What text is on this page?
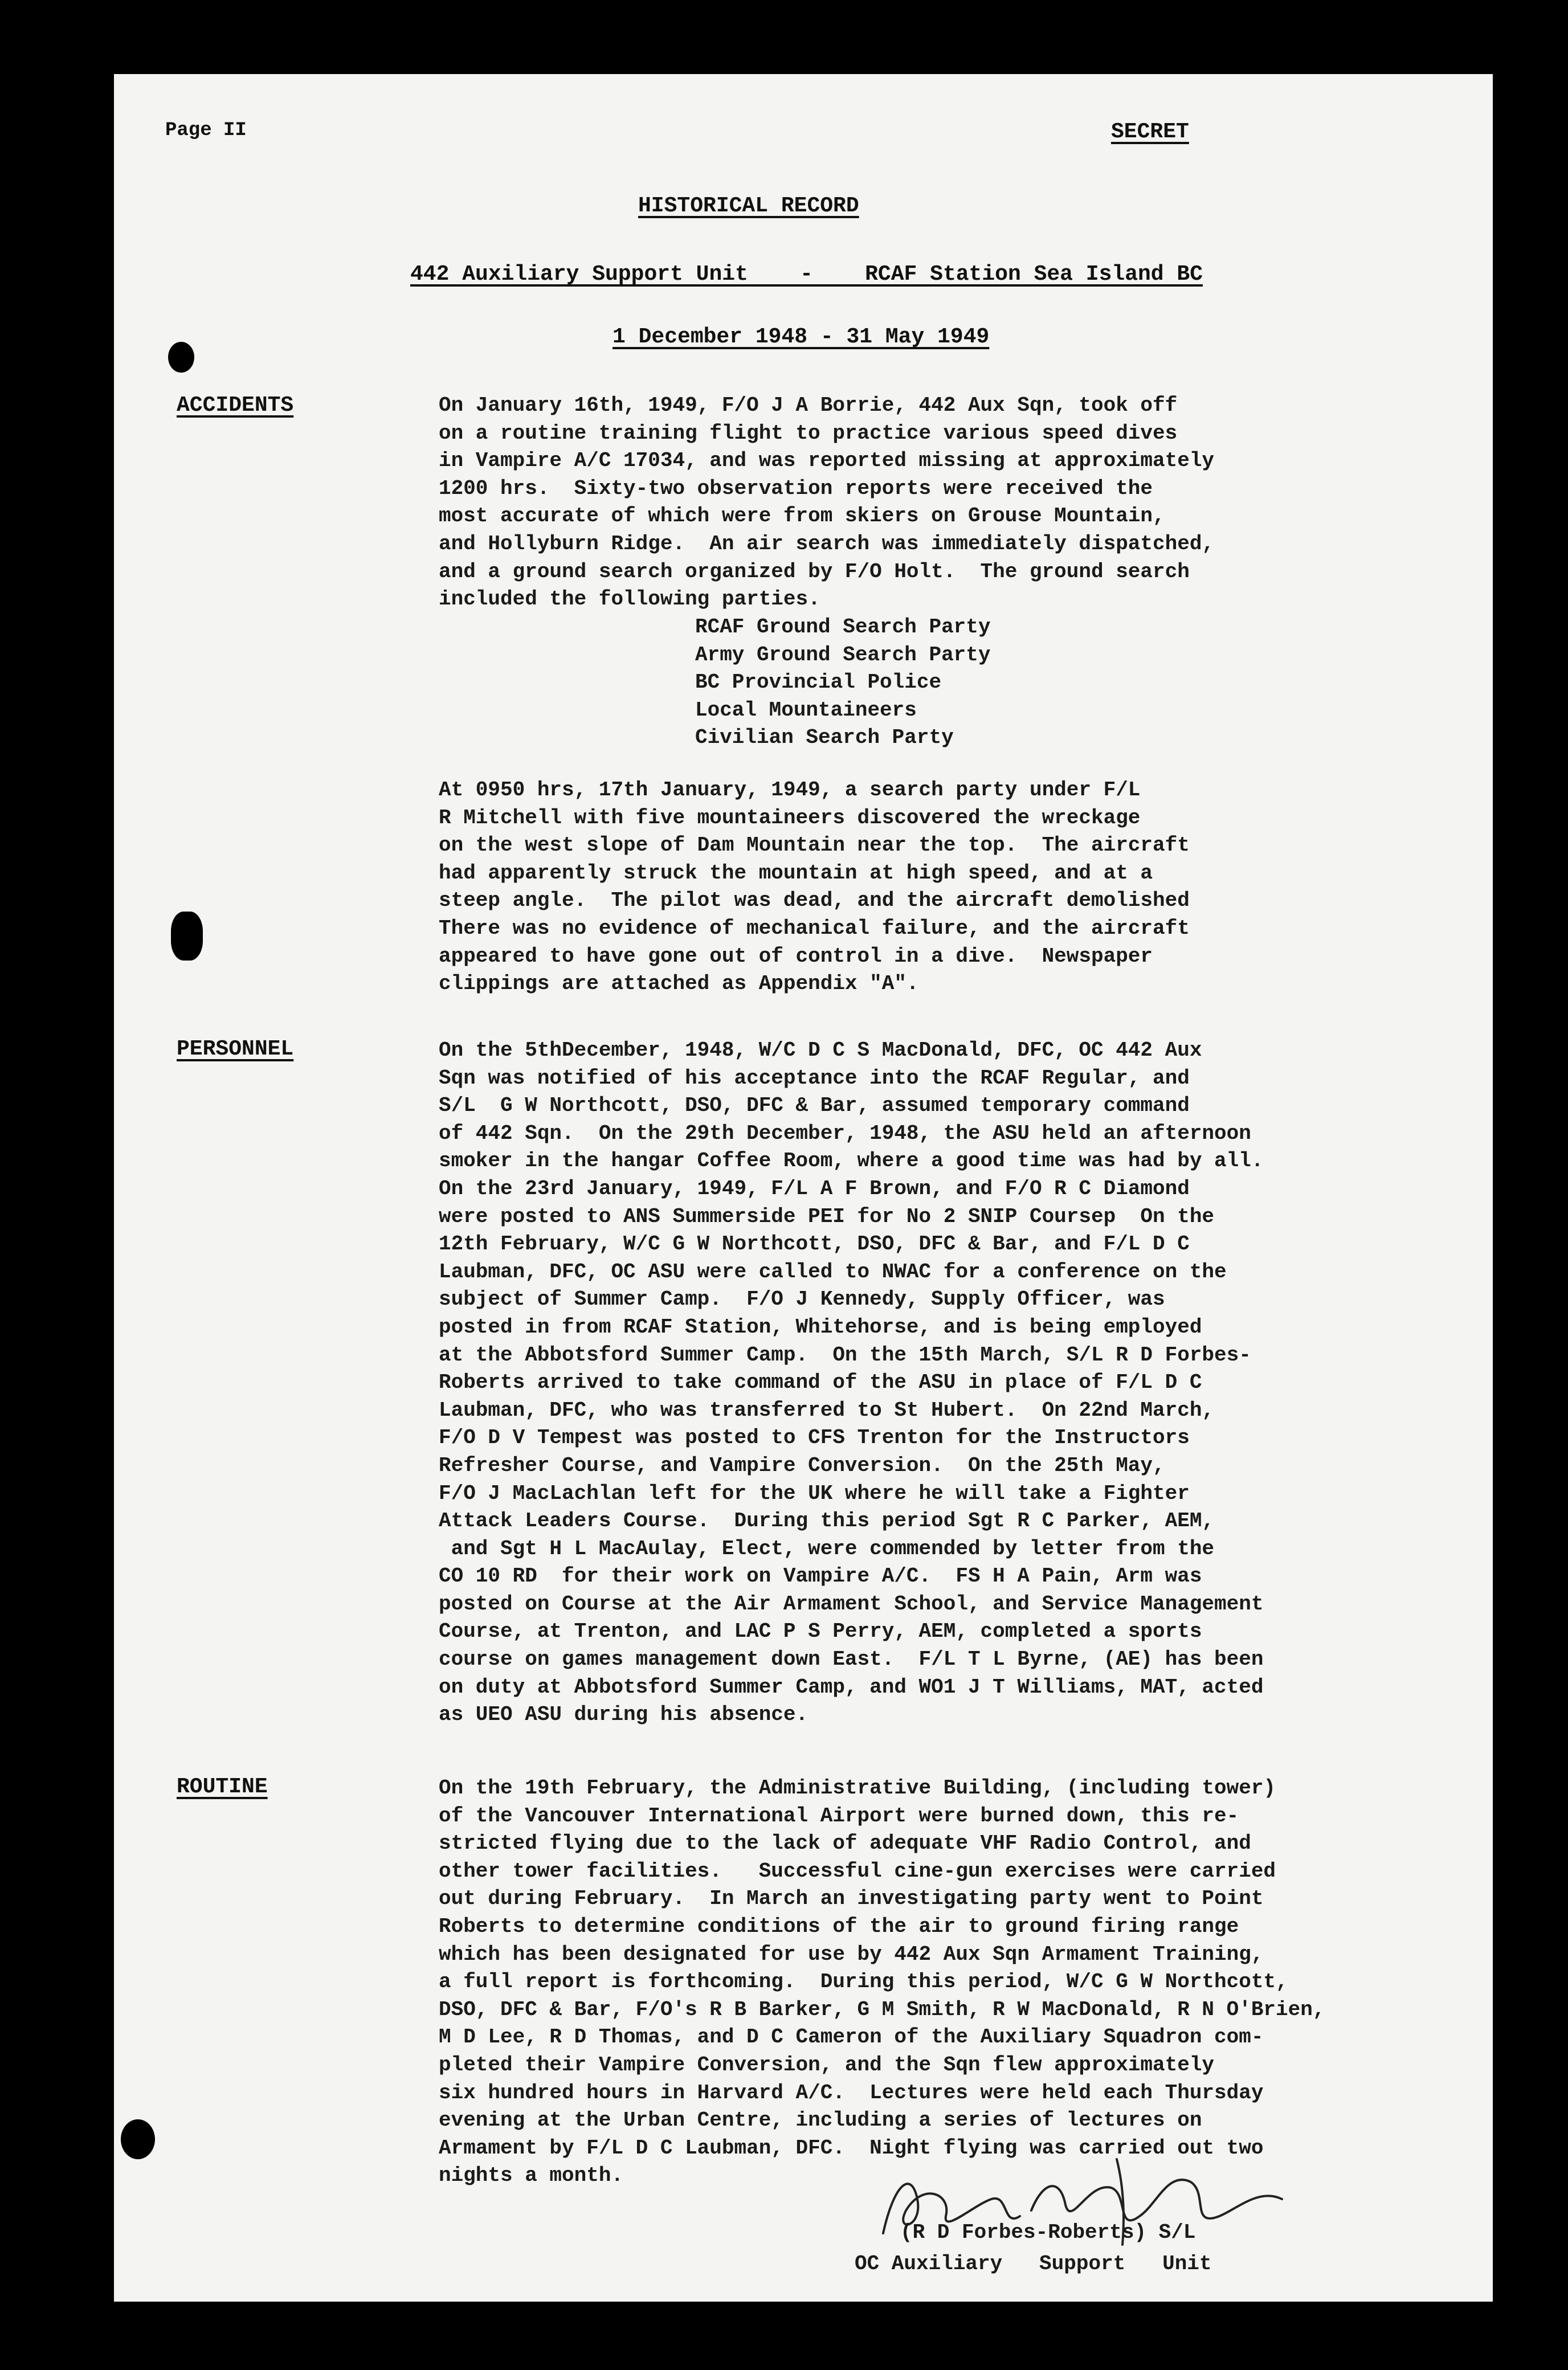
Page II	SECRET
HISTORICAL RECORD
442 Auxiliary Support Unit    -    RCAF Station Sea Island BC
1 December 1948 - 31 May 1949
ACCIDENTS	On January 16th, 1949, F/O J A Borrie, 442 Aux Sqn, took off
on a routine training flight to practice various speed dives
in Vampire A/C 17034, and was reported missing at approximately
1200 hrs.  Sixty-two observation reports were received the
most accurate of which were from skiers on Grouse Mountain,
and Hollyburn Ridge.  An air search was immediately dispatched,
and a ground search organized by F/O Holt.  The ground search
included the following parties.
RCAF Ground Search Party
Army Ground Search Party
BC Provincial Police
Local Mountaineers
Civilian Search Party
At 0950 hrs, 17th January, 1949, a search party under F/L
R Mitchell with five mountaineers discovered the wreckage
on the west slope of Dam Mountain near the top.  The aircraft
had apparently struck the mountain at high speed, and at a
steep angle.  The pilot was dead, and the aircraft demolished
There was no evidence of mechanical failure, and the aircraft
appeared to have gone out of control in a dive.  Newspaper
clippings are attached as Appendix "A".
PERSONNEL	On the 5thDecember, 1948, W/C D C S MacDonald, DFC, OC 442 Aux
Sqn was notified of his acceptance into the RCAF Regular, and
S/L  G W Northcott, DSO, DFC & Bar, assumed temporary command
of 442 Sqn.  On the 29th December, 1948, the ASU held an afternoon
smoker in the hangar Coffee Room, where a good time was had by all.
On the 23rd January, 1949, F/L A F Brown, and F/O R C Diamond
were posted to ANS Summerside PEI for No 2 SNIP Coursep  On the
12th February, W/C G W Northcott, DSO, DFC & Bar, and F/L D C
Laubman, DFC, OC ASU were called to NWAC for a conference on the
subject of Summer Camp.  F/O J Kennedy, Supply Officer, was
posted in from RCAF Station, Whitehorse, and is being employed
at the Abbotsford Summer Camp.  On the 15th March, S/L R D Forbes-
Roberts arrived to take command of the ASU in place of F/L D C
Laubman, DFC, who was transferred to St Hubert.  On 22nd March,
F/O D V Tempest was posted to CFS Trenton for the Instructors
Refresher Course, and Vampire Conversion.  On the 25th May,
F/O J MacLachlan left for the UK where he will take a Fighter
Attack Leaders Course.  During this period Sgt R C Parker, AEM,
and Sgt H L MacAulay, Elect, were commended by letter from the
CO 10 RD  for their work on Vampire A/C.  FS H A Pain, Arm was
posted on Course at the Air Armament School, and Service Management
Course, at Trenton, and LAC P S Perry, AEM, completed a sports
course on games management down East.  F/L T L Byrne, (AE) has been
on duty at Abbotsford Summer Camp, and WO1 J T Williams, MAT, acted
as UEO ASU during his absence.
ROUTINE	On the 19th February, the Administrative Building, (including tower)
of the Vancouver International Airport were burned down, this re-
stricted flying due to the lack of adequate VHF Radio Control, and
other tower facilities.   Successful cine-gun exercises were carried
out during February.  In March an investigating party went to Point
Roberts to determine conditions of the air to ground firing range
which has been designated for use by 442 Aux Sqn Armament Training,
a full report is forthcoming.  During this period, W/C G W Northcott,
DSO, DFC & Bar, F/O's R B Barker, G M Smith, R W MacDonald, R N O'Brien,
M D Lee, R D Thomas, and D C Cameron of the Auxiliary Squadron com-
pleted their Vampire Conversion, and the Sqn flew approximately
six hundred hours in Harvard A/C.  Lectures were held each Thursday
evening at the Urban Centre, including a series of lectures on
Armament by F/L D C Laubman, DFC.  Night flying was carried out two
nights a month.
(R D Forbes-Roberts) S/L
OC Auxiliary   Support   Unit
